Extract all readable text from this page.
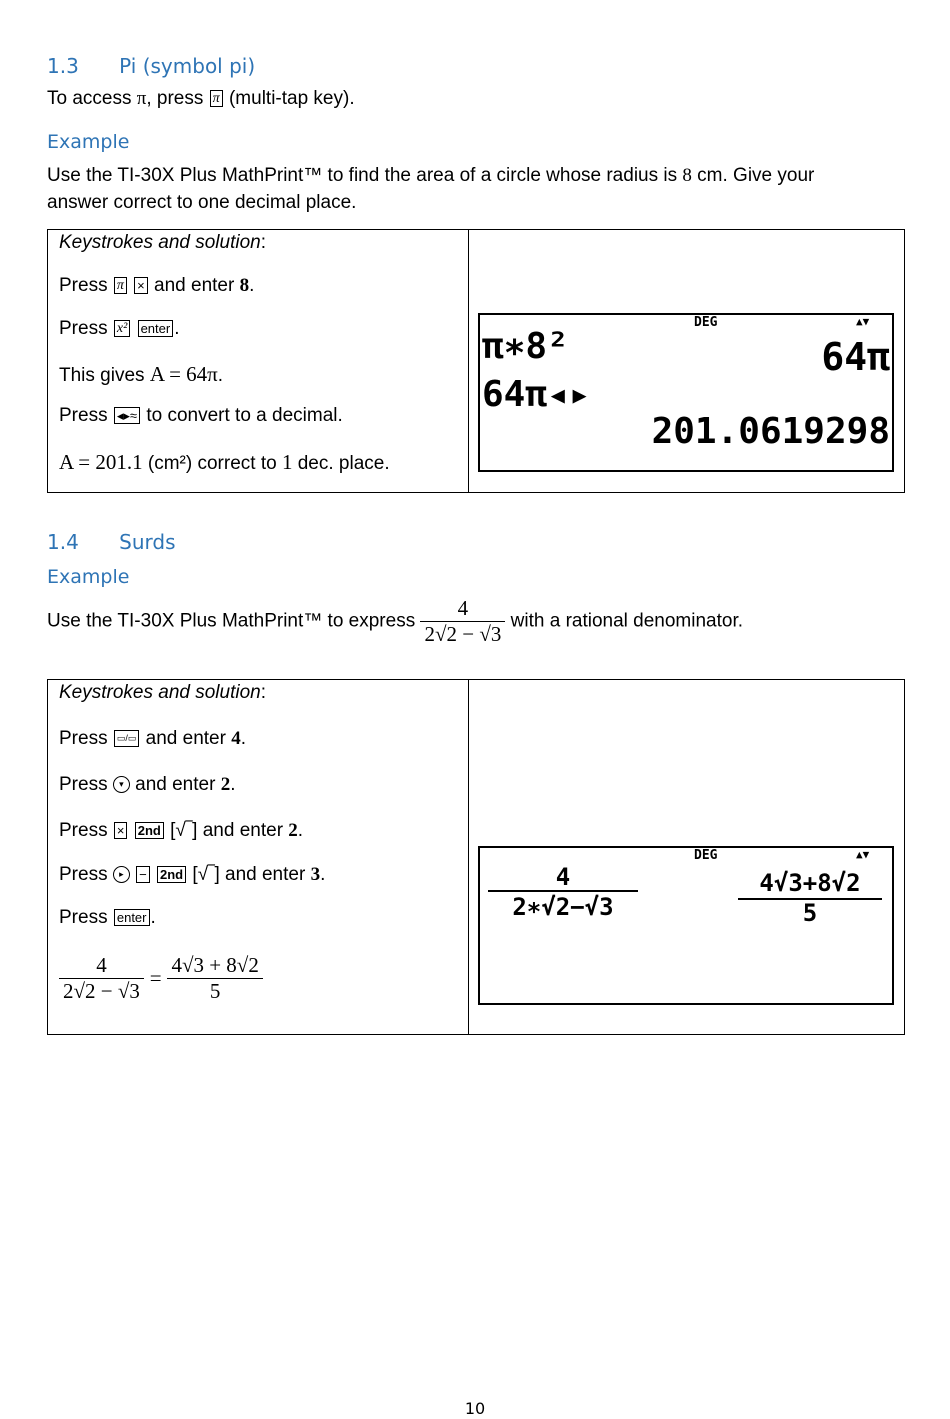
1.3 Pi (symbol pi)
To access π, press π (multi-tap key).
Example
Use the TI-30X Plus MathPrint™ to find the area of a circle whose radius is 8 cm. Give your
answer correct to one decimal place.
Keystrokes and solution:
Press π × and enter 8.
Press x² enter .
This gives A = 64π.
Press ◂▸≈ to convert to a decimal.
A = 201.1 (cm²) correct to 1 dec. place.
DEG	▲▼
π∗8²	64π
64π◂▸
201.0619298
1.4 Surds
Example
Use the TI-30X Plus MathPrint™ to express $\frac{4}{2√2 - √3}$ with a rational denominator.
Keystrokes and solution:
Press ▭/▭ and enter 4.
Press ▾ and enter 2.
Press × 2nd [√‾] and enter 2.
Press ▸ − 2nd [√‾] and enter 3.
Press enter .
$\frac{4}{2√2 - √3} = \frac{4√3 + 8√2}{5}$
DEG	▲▼
4
2∗√2−√3
4√3+8√2
5
10
